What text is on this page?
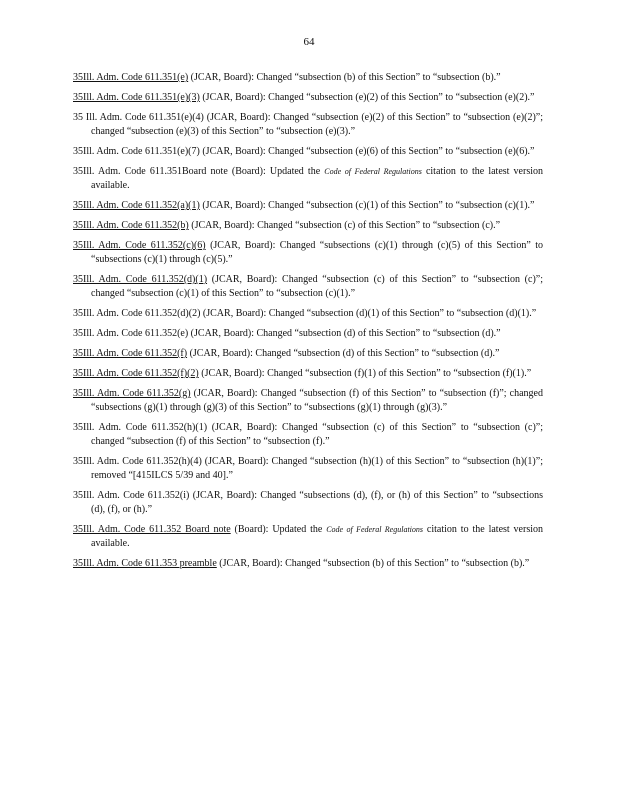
64
35Ill. Adm. Code 611.351(e) (JCAR, Board): Changed “subsection (b) of this Section” to “subsection (b).”
35Ill. Adm. Code 611.351(e)(3) (JCAR, Board): Changed “subsection (e)(2) of this Section” to “subsection (e)(2).”
35 Ill. Adm. Code 611.351(e)(4) (JCAR, Board): Changed “subsection (e)(2) of this Section” to “subsection (e)(2)”; changed “subsection (e)(3) of this Section” to “subsection (e)(3).”
35Ill. Adm. Code 611.351(e)(7) (JCAR, Board): Changed “subsection (e)(6) of this Section” to “subsection (e)(6).”
35Ill. Adm. Code 611.351Board note (Board): Updated the Code of Federal Regulations citation to the latest version available.
35Ill. Adm. Code 611.352(a)(1) (JCAR, Board): Changed “subsection (c)(1) of this Section” to “subsection (c)(1).”
35Ill. Adm. Code 611.352(b) (JCAR, Board): Changed “subsection (c) of this Section” to “subsection (c).”
35Ill. Adm. Code 611.352(c)(6) (JCAR, Board): Changed “subsections (c)(1) through (c)(5) of this Section” to “subsections (c)(1) through (c)(5).”
35Ill. Adm. Code 611.352(d)(1) (JCAR, Board): Changed “subsection (c) of this Section” to “subsection (c)”; changed “subsection (c)(1) of this Section” to “subsection (c)(1).”
35Ill. Adm. Code 611.352(d)(2) (JCAR, Board): Changed “subsection (d)(1) of this Section” to “subsection (d)(1).”
35Ill. Adm. Code 611.352(e) (JCAR, Board): Changed “subsection (d) of this Section” to “subsection (d).”
35Ill. Adm. Code 611.352(f) (JCAR, Board): Changed “subsection (d) of this Section” to “subsection (d).”
35Ill. Adm. Code 611.352(f)(2) (JCAR, Board): Changed “subsection (f)(1) of this Section” to “subsection (f)(1).”
35Ill. Adm. Code 611.352(g) (JCAR, Board): Changed “subsection (f) of this Section” to “subsection (f)”; changed “subsections (g)(1) through (g)(3) of this Section” to “subsections (g)(1) through (g)(3).”
35Ill. Adm. Code 611.352(h)(1) (JCAR, Board): Changed “subsection (c) of this Section” to “subsection (c)”; changed “subsection (f) of this Section” to “subsection (f).”
35Ill. Adm. Code 611.352(h)(4) (JCAR, Board): Changed “subsection (h)(1) of this Section” to “subsection (h)(1)”; removed “[415ILCS 5/39 and 40].”
35Ill. Adm. Code 611.352(i) (JCAR, Board): Changed “subsections (d), (f), or (h) of this Section” to “subsections (d), (f), or (h).”
35Ill. Adm. Code 611.352 Board note (Board): Updated the Code of Federal Regulations citation to the latest version available.
35Ill. Adm. Code 611.353 preamble (JCAR, Board): Changed “subsection (b) of this Section” to “subsection (b).”
